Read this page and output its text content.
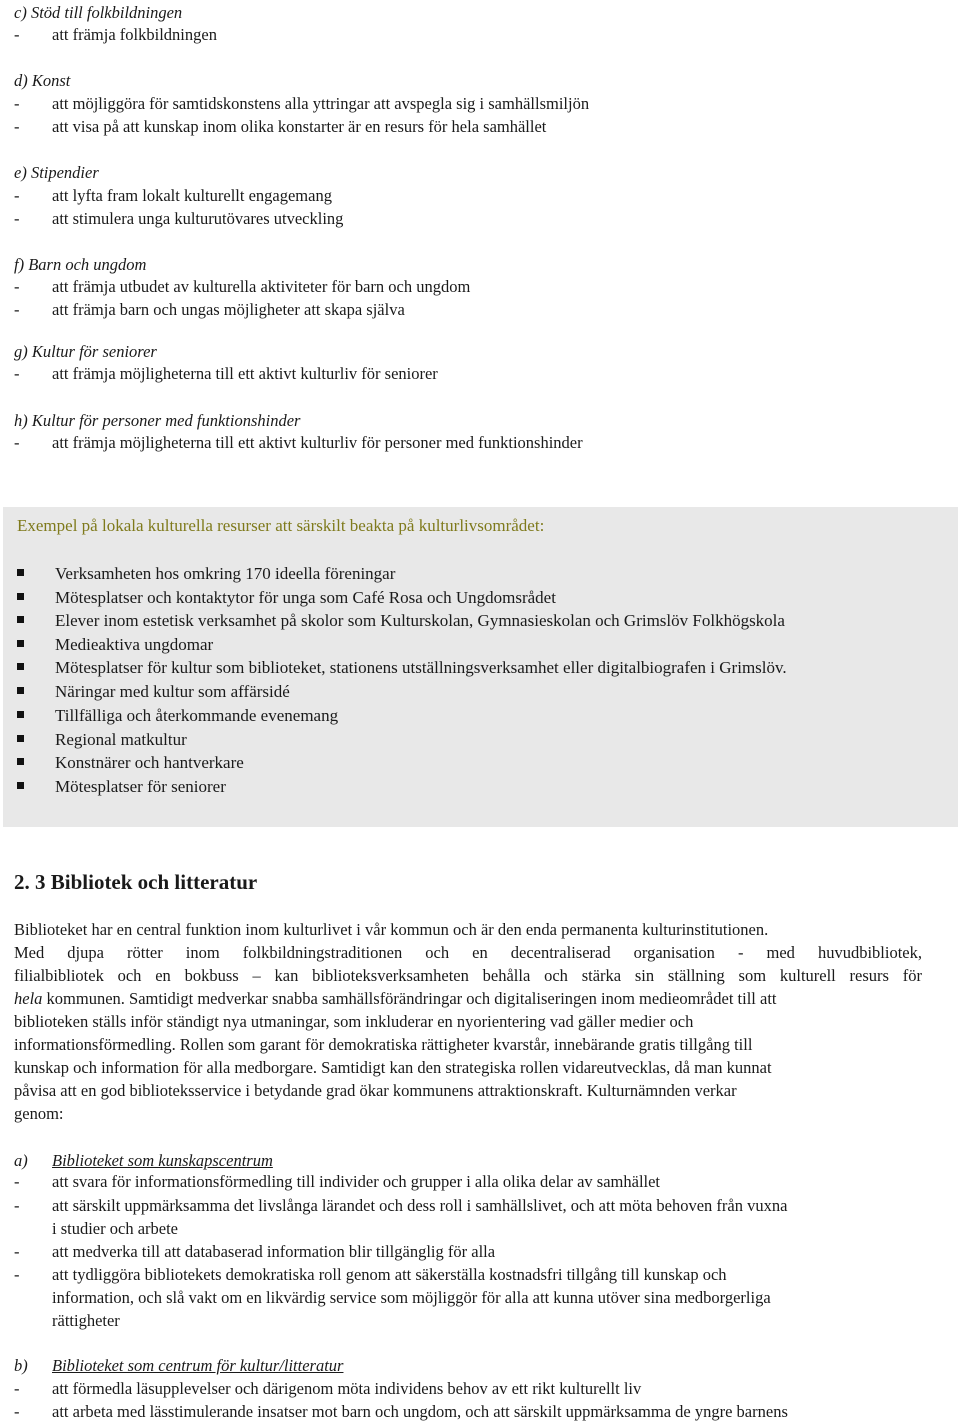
c) Stöd till folkbildningen
- att främja folkbildningen
d) Konst
- att möjliggöra för samtidskonstens alla yttringar att avspegla sig i samhällsmiljön
- att visa på att kunskap inom olika konstarter är en resurs för hela samhället
e) Stipendier
- att lyfta fram lokalt kulturellt engagemang
- att stimulera unga kulturutövares utveckling
f) Barn och ungdom
- att främja utbudet av kulturella aktiviteter för barn och ungdom
- att främja barn och ungas möjligheter att skapa själva
g) Kultur för seniorer
- att främja möjligheterna till ett aktivt kulturliv för seniorer
h) Kultur för personer med funktionshinder
- att främja möjligheterna till ett aktivt kulturliv för personer med funktionshinder
Exempel på lokala kulturella resurser att särskilt beakta på kulturlivsområdet:
Verksamheten hos omkring 170 ideella föreningar
Mötesplatser och kontaktytor för unga som Café Rosa och Ungdomsrådet
Elever inom estetisk verksamhet på skolor som Kulturskolan, Gymnasieskolan och Grimslöv Folkhögskola
Medieaktiva ungdomar
Mötesplatser för kultur som biblioteket, stationens utställningsverksamhet eller digitalbiografen i Grimslöv.
Näringar med kultur som affärsidé
Tillfälliga och återkommande evenemang
Regional matkultur
Konstnärer och hantverkare
Mötesplatser för seniorer
2. 3 Bibliotek och litteratur
Biblioteket har en central funktion inom kulturlivet i vår kommun och är den enda permanenta kulturinstitutionen.
Med djupa rötter inom folkbildningstraditionen och en decentraliserad organisation - med huvudbibliotek,
filialbibliotek och en bokbuss – kan biblioteksverksamheten behålla och stärka sin ställning som kulturell resurs för
hela kommunen. Samtidigt medverkar snabba samhällsförändringar och digitaliseringen inom medieområdet till att
biblioteken ställs inför ständigt nya utmaningar, som inkluderar en nyorientering vad gäller medier och
informationsförmedling. Rollen som garant för demokratiska rättigheter kvarstår, innebärande gratis tillgång till
kunskap och information för alla medborgare. Samtidigt kan den strategiska rollen vidareutvecklas, då man kunnat
påvisa att en god biblioteksservice i betydande grad ökar kommunens attraktionskraft. Kulturnämnden verkar
genom:
a) Biblioteket som kunskapscentrum
- att svara för informationsförmedling till individer och grupper i alla olika delar av samhället
- att särskilt uppmärksamma det livslånga lärandet och dess roll i samhällslivet, och att möta behoven från vuxna
i studier och arbete
- att medverka till att databaserad information blir tillgänglig för alla
- att tydliggöra bibliotekets demokratiska roll genom att säkerställa kostnadsfri tillgång till kunskap och
information, och slå vakt om en likvärdig service som möjliggör för alla att kunna utöver sina medborgerliga
rättigheter
b) Biblioteket som centrum för kultur/litteratur
- att förmedla läsupplevelser och därigenom möta individens behov av ett rikt kulturellt liv
- att arbeta med lässtimulerande insatser mot barn och ungdom, och att särskilt uppmärksamma de yngre barnens
